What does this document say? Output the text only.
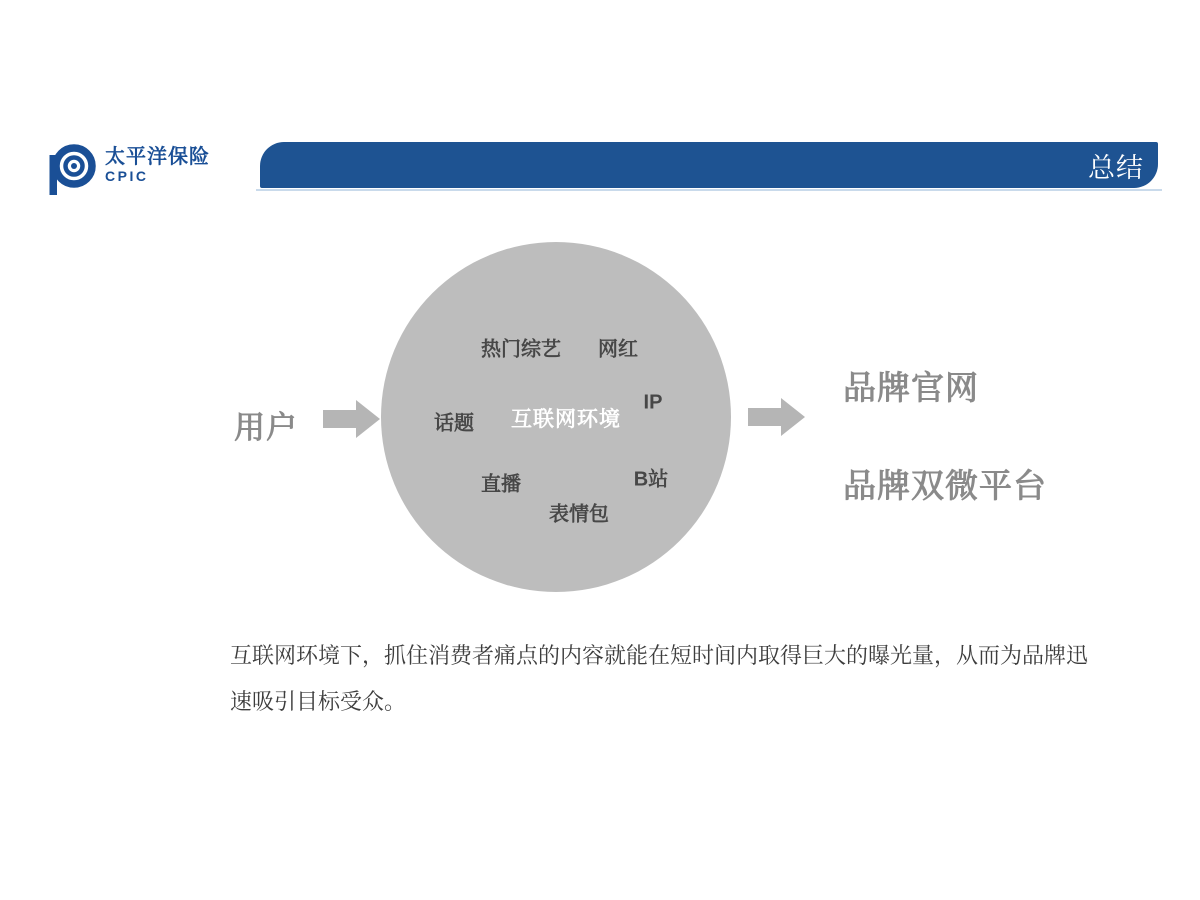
太平洋保险
CPIC	总结
用户
热门综艺 网红
话题
IP
直播	B站
表情包
互联网环境
品牌官网
品牌双微平台
互联网环境下，抓住消费者痛点的内容就能在短时间内取得巨大的曝光量，从而为品牌迅速吸引目标受众。
